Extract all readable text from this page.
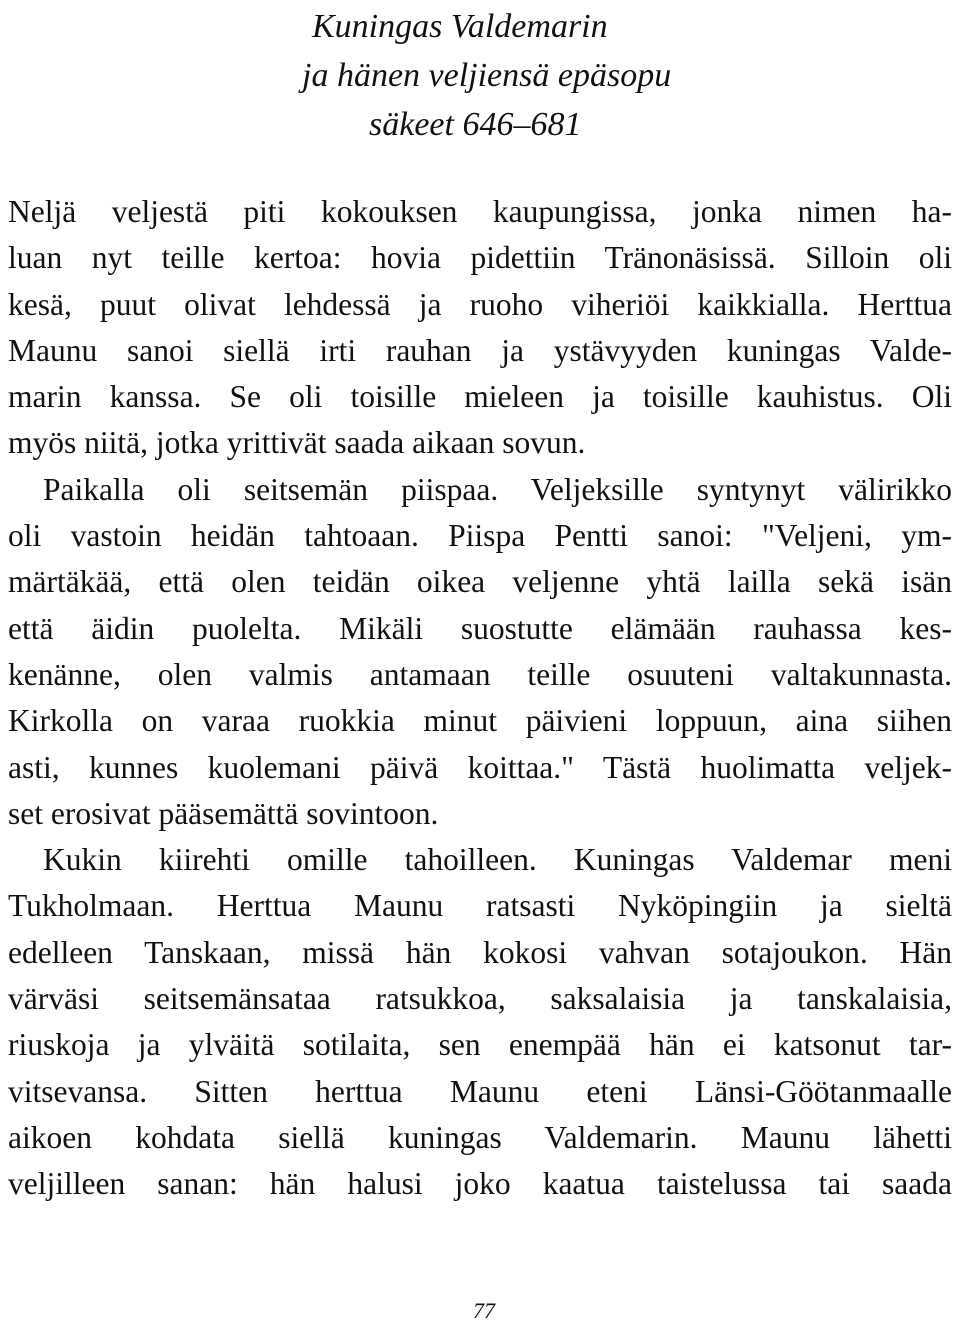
Kuningas Valdemarin
ja hänen veljiensä epäsopu
säkeet 646–681
Neljä veljestä piti kokouksen kaupungissa, jonka nimen ha-
luan nyt teille kertoa: hovia pidettiin Tränonäsissä. Silloin oli
kesä, puut olivat lehdessä ja ruoho viheriöi kaikkialla. Herttua
Maunu sanoi siellä irti rauhan ja ystävyyden kuningas Valde-
marin kanssa. Se oli toisille mieleen ja toisille kauhistus. Oli
myös niitä, jotka yrittivät saada aikaan sovun.
Paikalla oli seitsemän piispaa. Veljeksille syntynyt välirikko
oli vastoin heidän tahtoaan. Piispa Pentti sanoi: "Veljeni, ym-
märtäkää, että olen teidän oikea veljenne yhtä lailla sekä isän
että äidin puolelta. Mikäli suostutte elämään rauhassa kes-
kenänne, olen valmis antamaan teille osuuteni valtakunnasta.
Kirkolla on varaa ruokkia minut päivieni loppuun, aina siihen
asti, kunnes kuolemani päivä koittaa." Tästä huolimatta veljek-
set erosivat pääsemättä sovintoon.
Kukin kiirehti omille tahoilleen. Kuningas Valdemar meni
Tukholmaan. Herttua Maunu ratsasti Nyköpingiin ja sieltä
edelleen Tanskaan, missä hän kokosi vahvan sotajoukon. Hän
värväsi seitsemänsataa ratsukkoa, saksalaisia ja tanskalaisia,
riuskoja ja ylväitä sotilaita, sen enempää hän ei katsonut tar-
vitsevansa. Sitten herttua Maunu eteni Länsi-Göötanmaalle
aikoen kohdata siellä kuningas Valdemarin. Maunu lähetti
veljilleen sanan: hän halusi joko kaatua taistelussa tai saada
77
